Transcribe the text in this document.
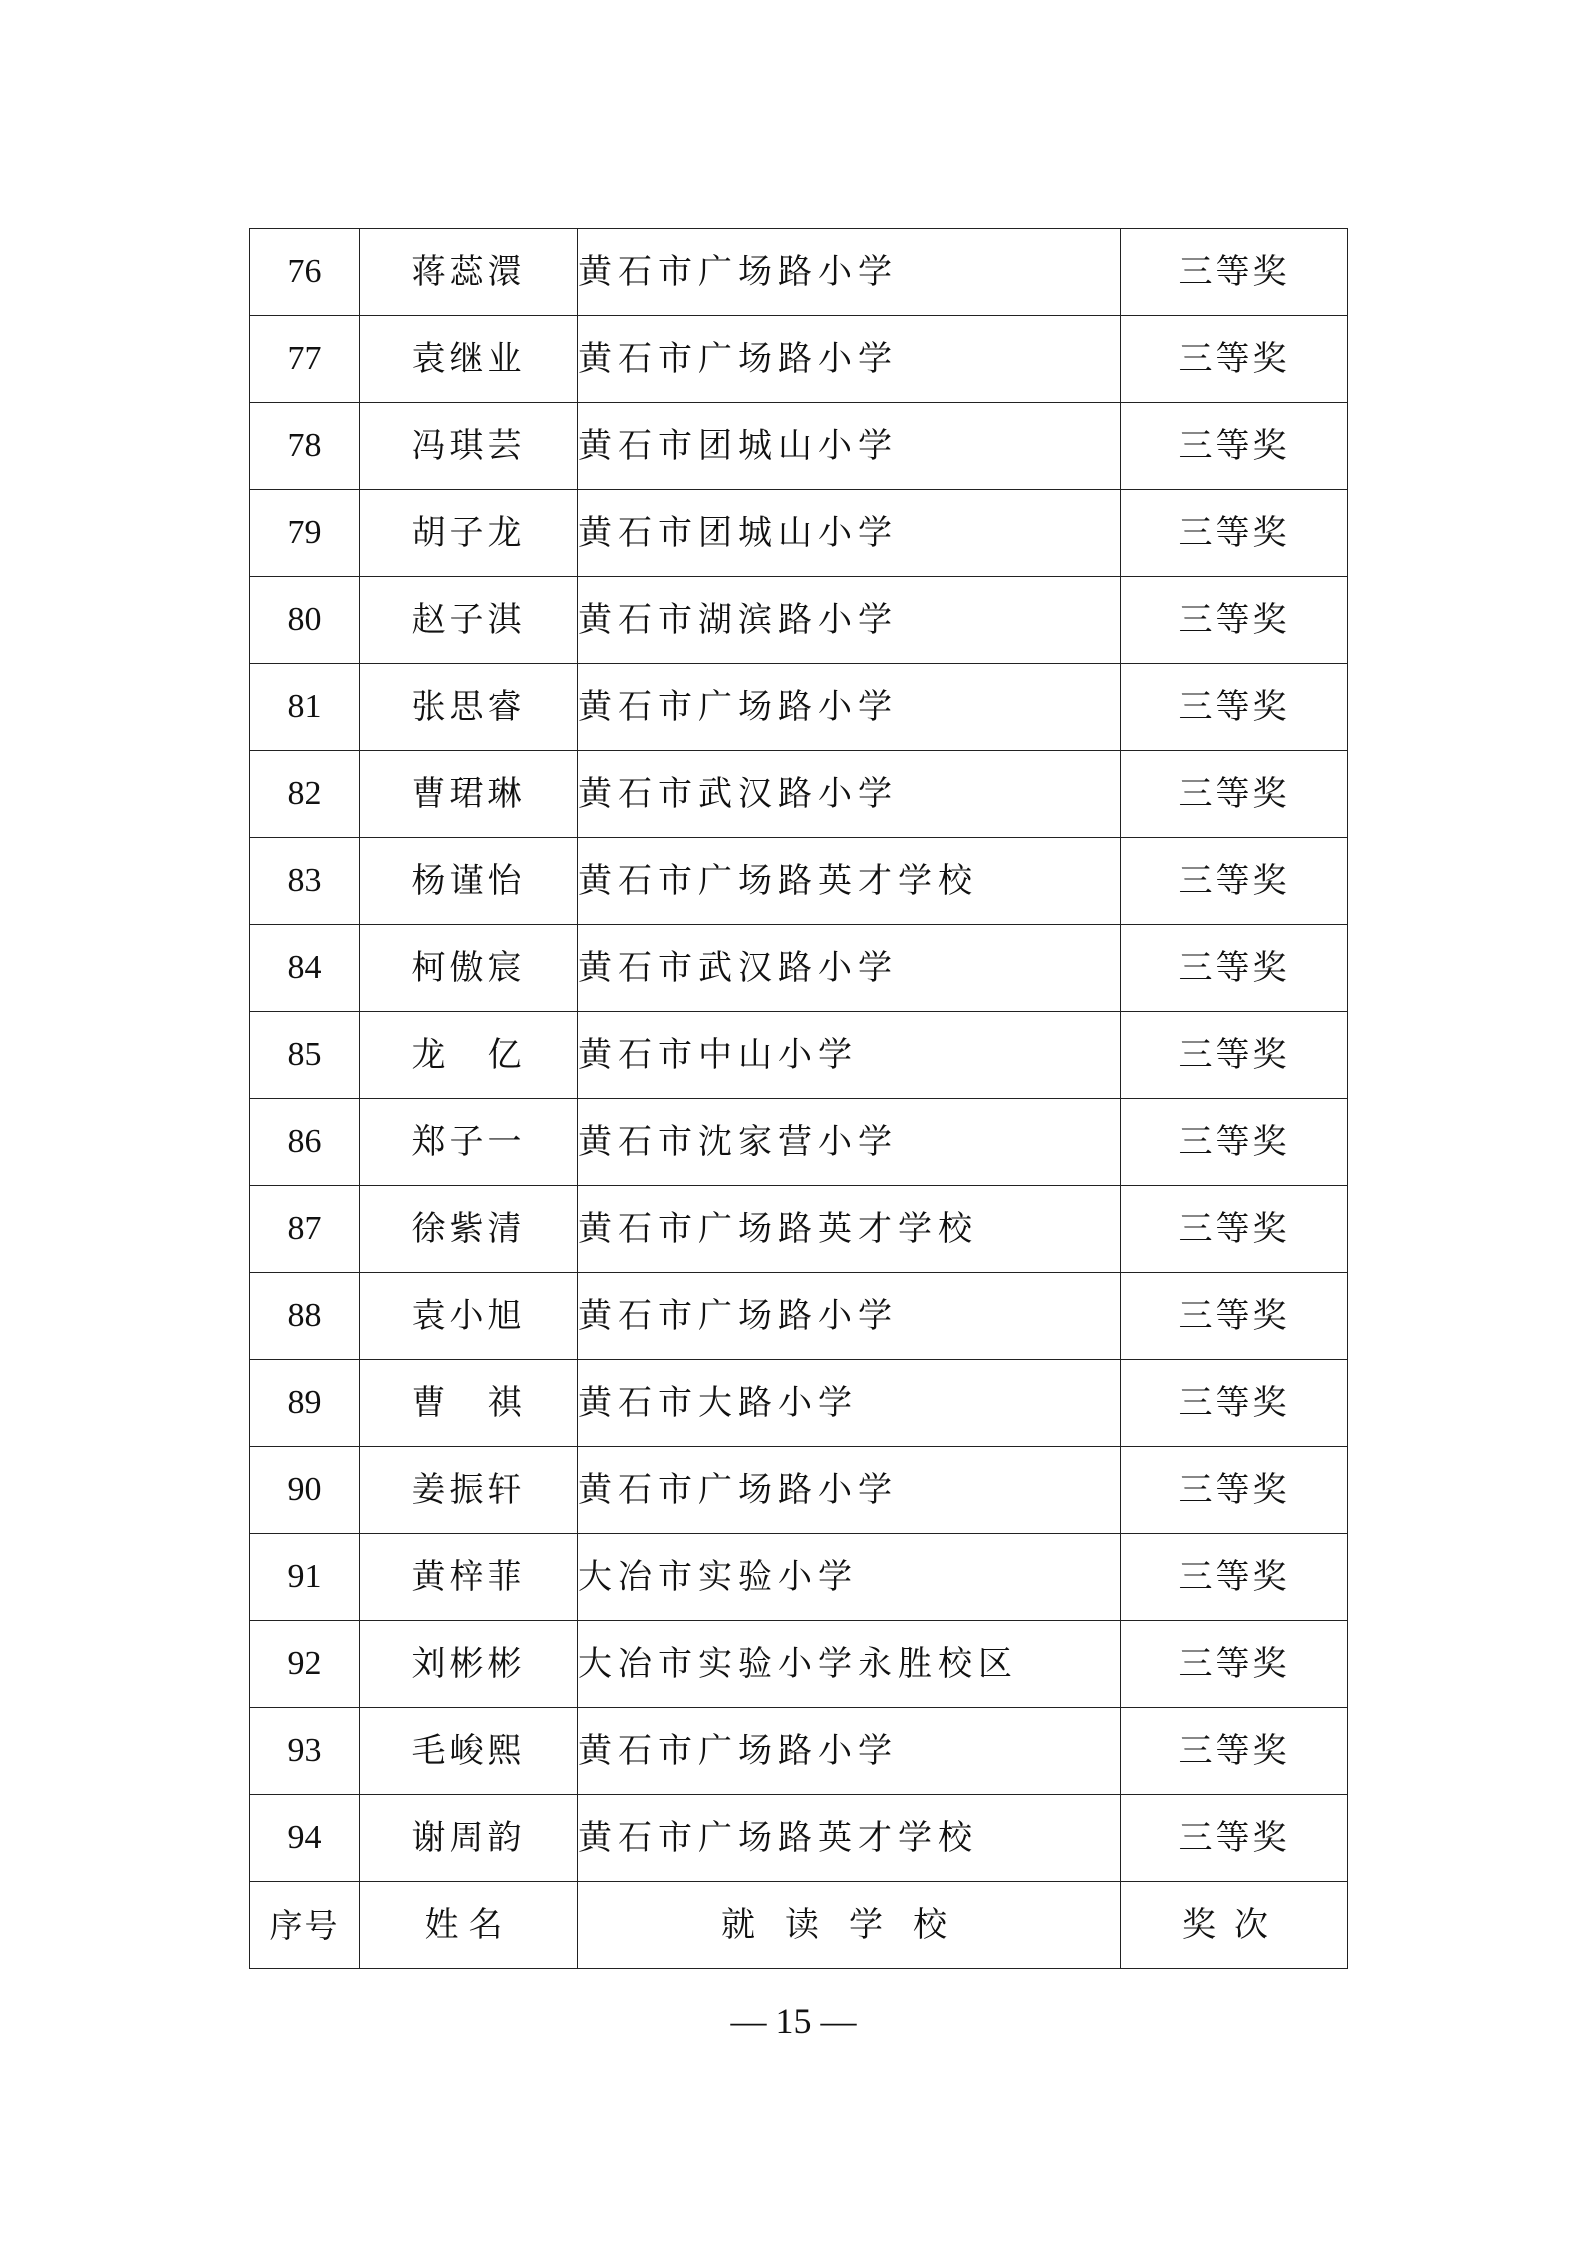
76	蒋蕊澴	黄石市广场路小学	三等奖
77	袁继业	黄石市广场路小学	三等奖
78	冯琪芸	黄石市团城山小学	三等奖
79	胡子龙	黄石市团城山小学	三等奖
80	赵子淇	黄石市湖滨路小学	三等奖
81	张思睿	黄石市广场路小学	三等奖
82	曹珺琳	黄石市武汉路小学	三等奖
83	杨谨怡	黄石市广场路英才学校	三等奖
84	柯傲宸	黄石市武汉路小学	三等奖
85	龙　亿	黄石市中山小学	三等奖
86	郑子一	黄石市沈家营小学	三等奖
87	徐紫清	黄石市广场路英才学校	三等奖
88	袁小旭	黄石市广场路小学	三等奖
89	曹　祺	黄石市大路小学	三等奖
90	姜振轩	黄石市广场路小学	三等奖
91	黄梓菲	大冶市实验小学	三等奖
92	刘彬彬	大冶市实验小学永胜校区	三等奖
93	毛峻熙	黄石市广场路小学	三等奖
94	谢周韵	黄石市广场路英才学校	三等奖
序号	姓名	就读学校	奖次
— 15 —
